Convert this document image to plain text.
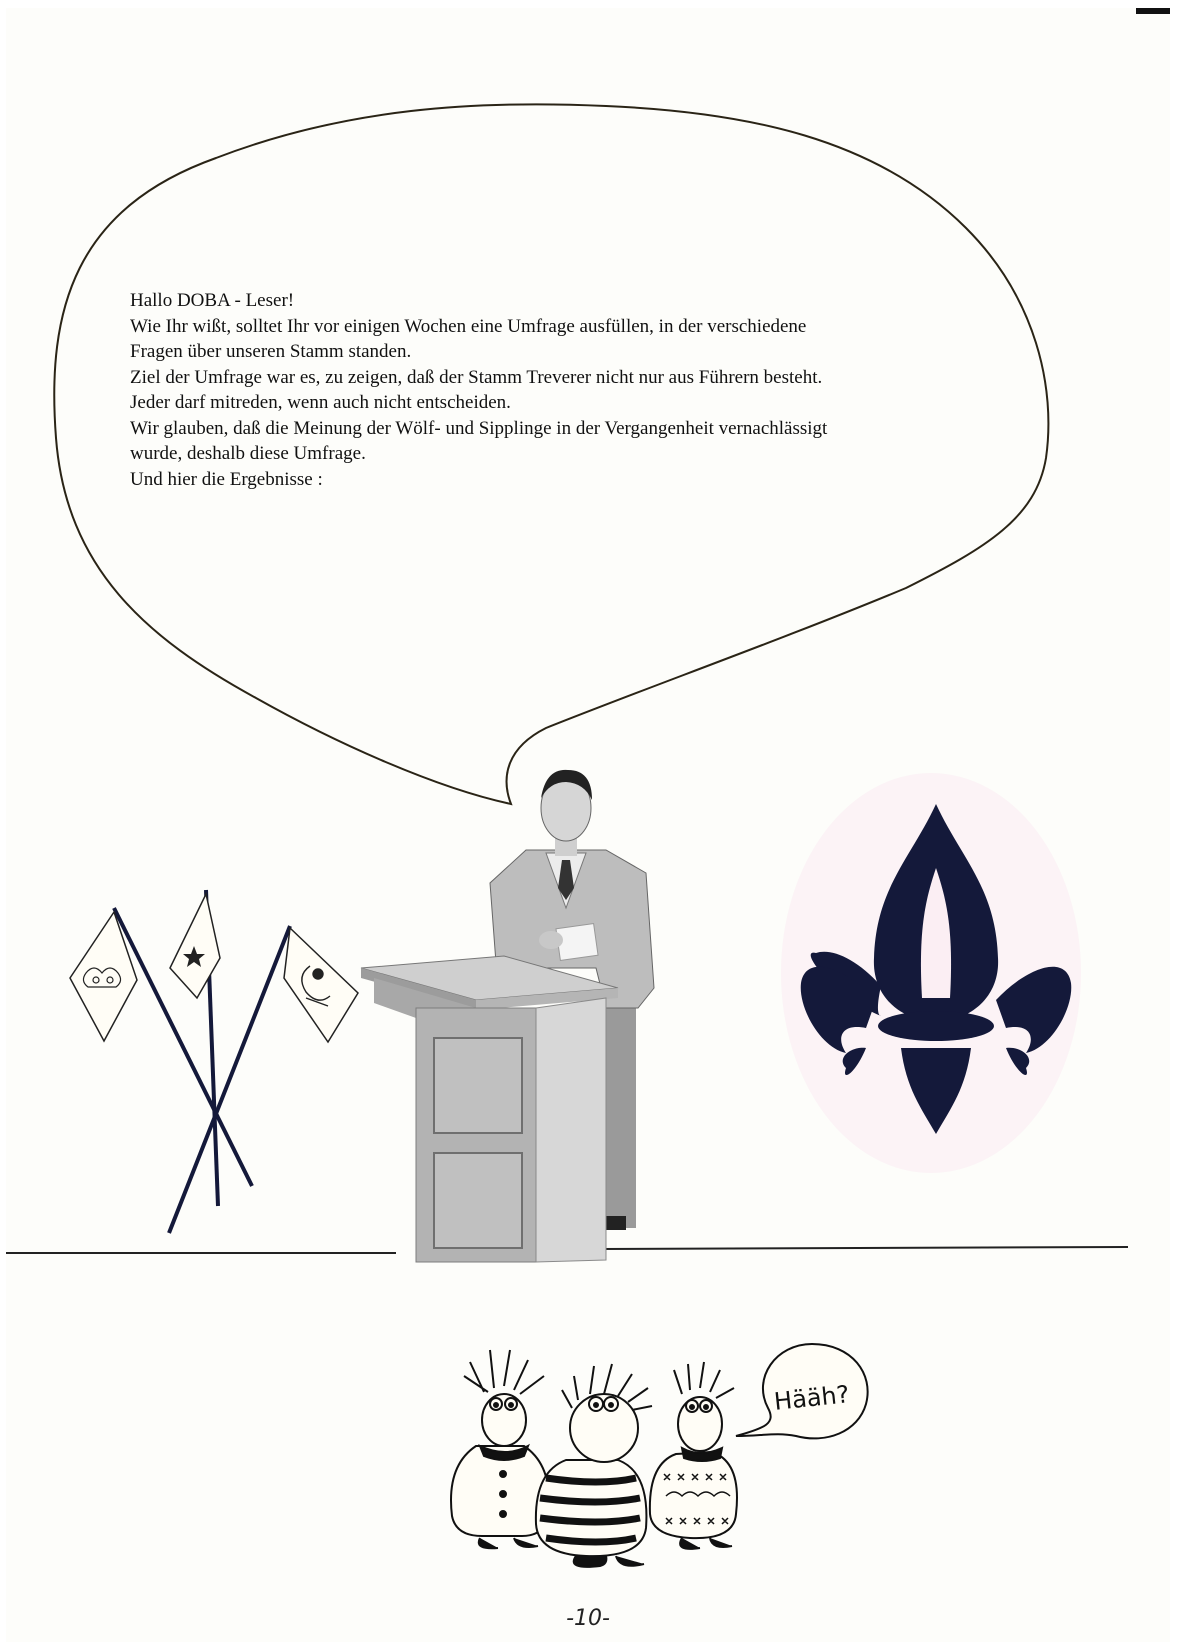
Hääh?

Hallo DOBA - Leser!

Wie Ihr wißt, solltet Ihr vor einigen Wochen eine Umfrage ausfüllen, in der verschiedene

Fragen über unseren Stamm standen.

Ziel der Umfrage war es, zu zeigen, daß der Stamm Treverer nicht nur aus Führern besteht.

Jeder darf mitreden, wenn auch nicht entscheiden.

Wir glauben, daß die Meinung der Wölf- und Sipplinge in der Vergangenheit vernachlässigt

wurde, deshalb diese Umfrage.

Und hier die Ergebnisse :

-10-
